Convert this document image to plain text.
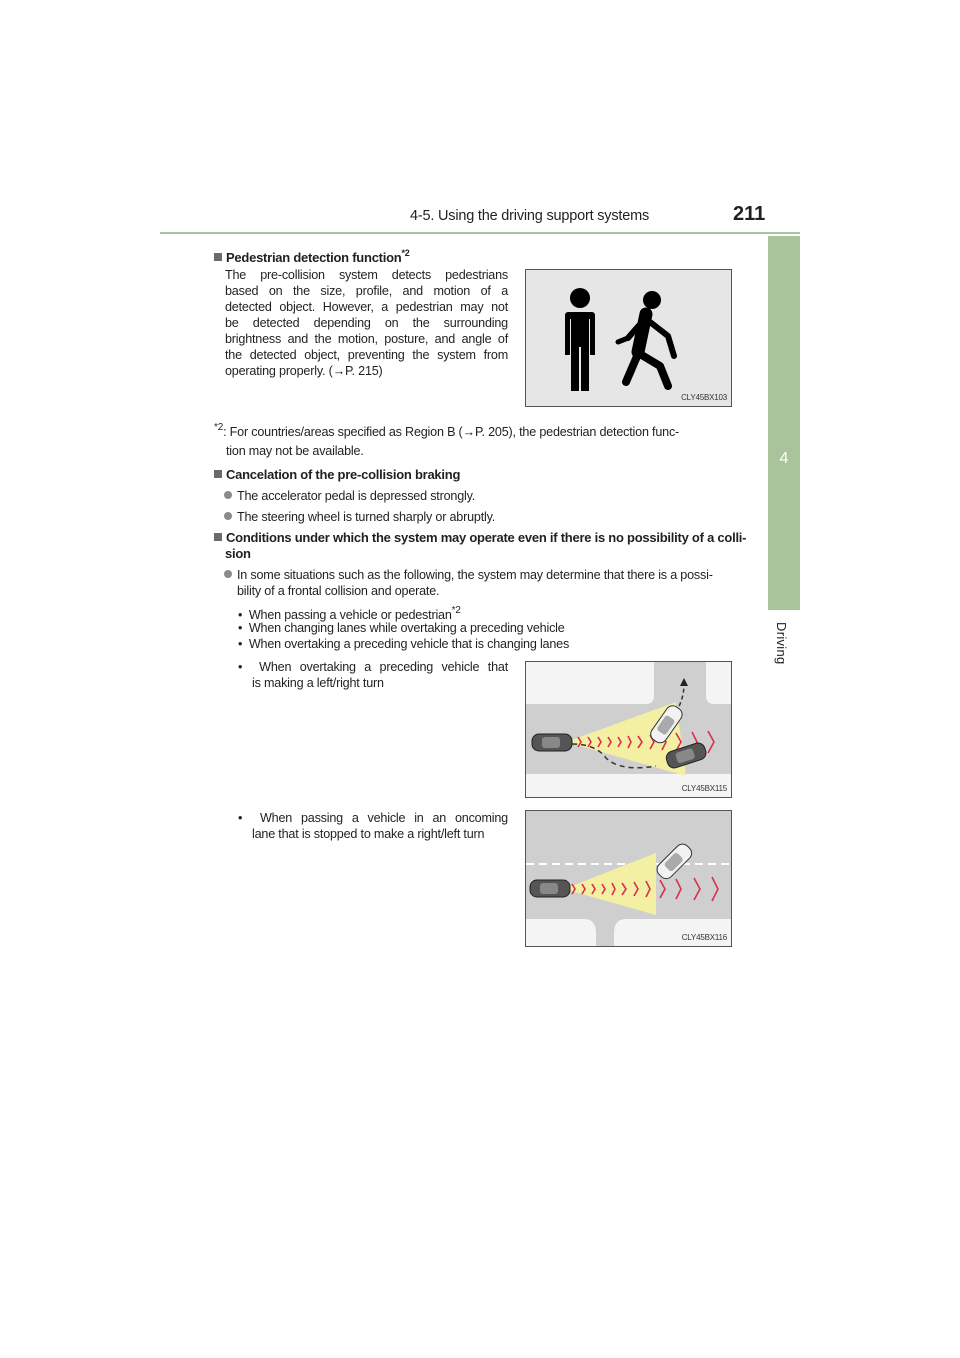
4-5. Using the driving support systems	211
4
Driving
Pedestrian detection function$^{*2}$
The pre-collision system detects pedestrians
based on the size, profile, and motion of a
detected object. However, a pedestrian may not
be detected depending on the surrounding
brightness and the motion, posture, and angle of
the detected object, preventing the system from
operating properly. (→P. 215)
CLY45BX103
$^{*2}$: For countries/areas specified as Region B (→P. 205), the pedestrian detection func-
tion may not be available.
Cancelation of the pre-collision braking
The accelerator pedal is depressed strongly.
The steering wheel is turned sharply or abruptly.
Conditions under which the system may operate even if there is no possibility of a colli-
sion
In some situations such as the following, the system may determine that there is a possi-
bility of a frontal collision and operate.
• When passing a vehicle or pedestrian$^{*2}$
• When changing lanes while overtaking a preceding vehicle
• When overtaking a preceding vehicle that is changing lanes
• When overtaking a preceding vehicle that
is making a left/right turn
• When passing a vehicle in an oncoming
lane that is stopped to make a right/left turn
CLY45BX115
CLY45BX116
